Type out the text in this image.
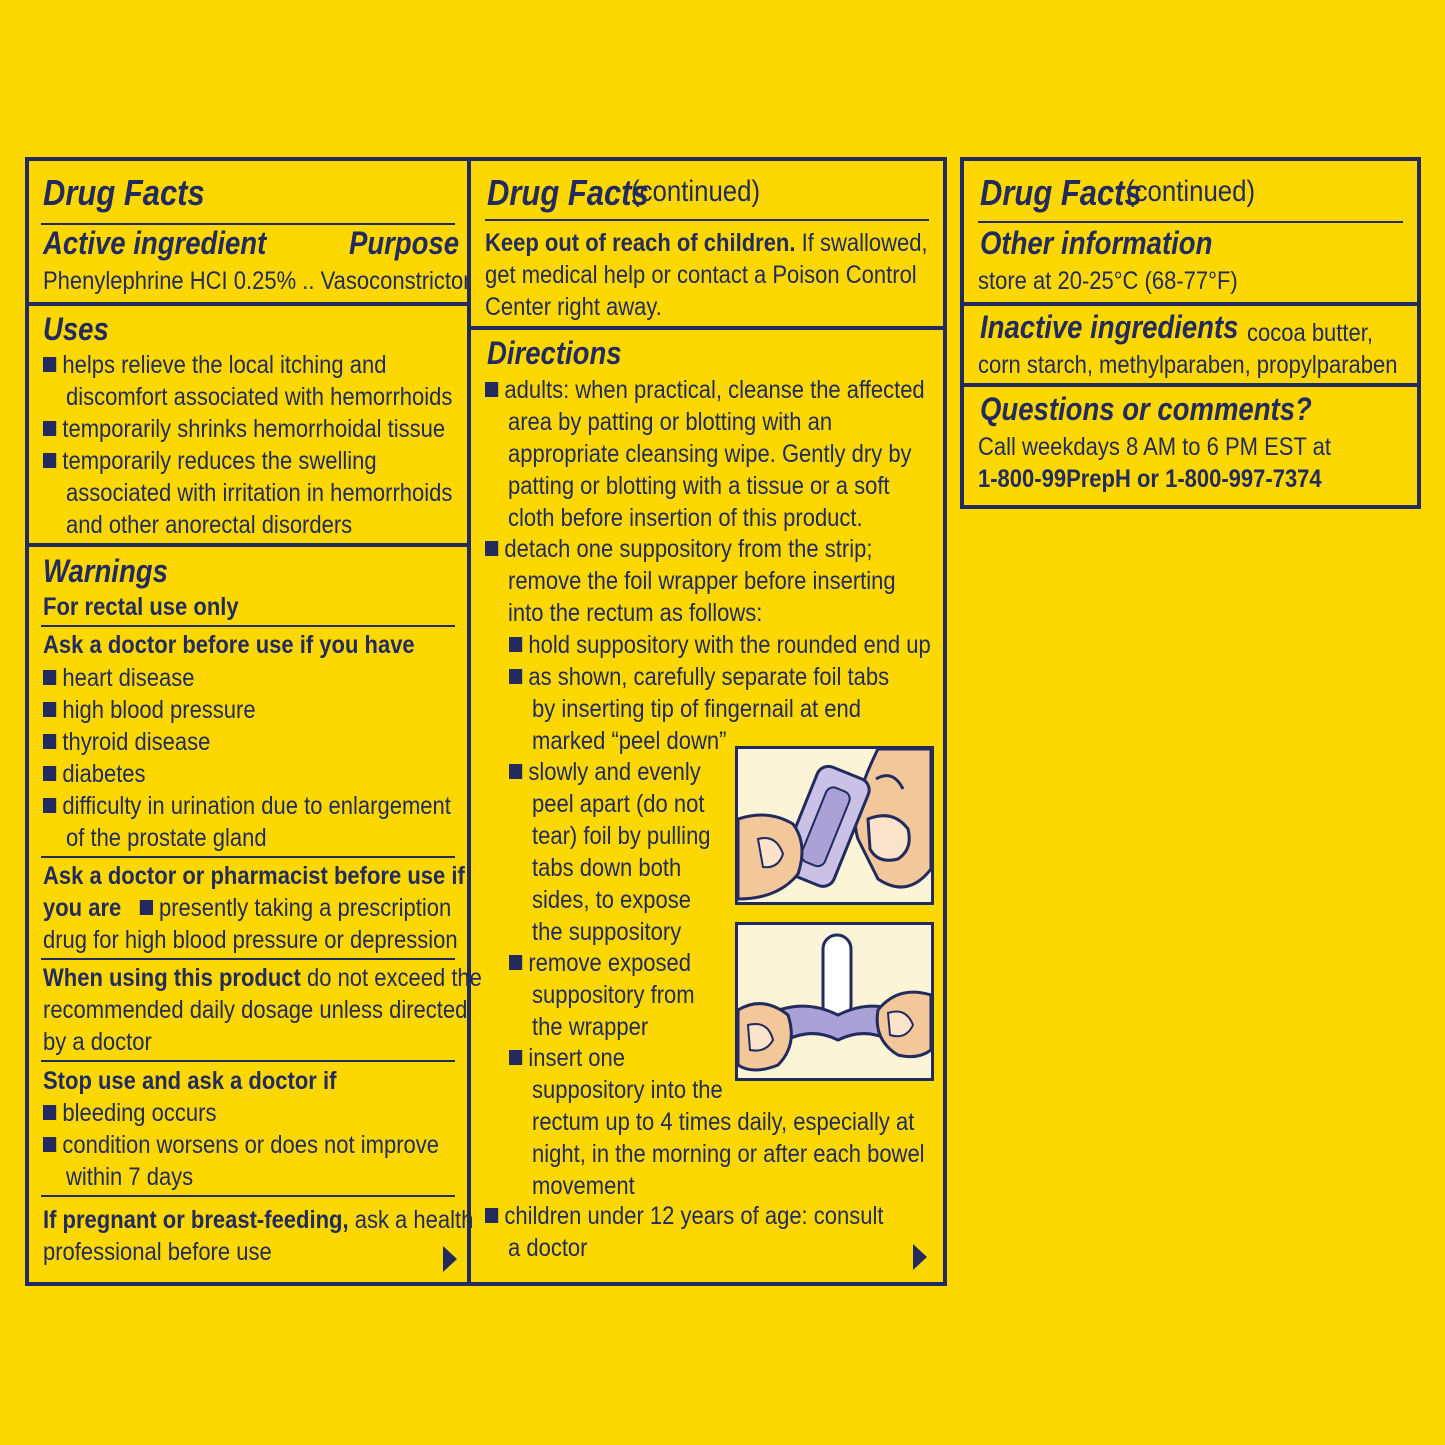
Drug Facts
Active ingredient	Purpose
Phenylephrine HCI 0.25% .. Vasoconstrictor
Uses
helps relieve the local itching and
discomfort associated with hemorrhoids
temporarily shrinks hemorrhoidal tissue
temporarily reduces the swelling
associated with irritation in hemorrhoids
and other anorectal disorders
Warnings
For rectal use only
Ask a doctor before use if you have
heart disease
high blood pressure
thyroid disease
diabetes
difficulty in urination due to enlargement
of the prostate gland
Ask a doctor or pharmacist before use if
you are presently taking a prescription
drug for high blood pressure or depression
When using this product do not exceed the
recommended daily dosage unless directed
by a doctor
Stop use and ask a doctor if
bleeding occurs
condition worsens or does not improve
within 7 days
If pregnant or breast-feeding, ask a health
professional before use
Drug Facts
(continued)
Keep out of reach of children. If swallowed,
get medical help or contact a Poison Control
Center right away.
Directions
adults: when practical, cleanse the affected
area by patting or blotting with an
appropriate cleansing wipe. Gently dry by
patting or blotting with a tissue or a soft
cloth before insertion of this product.
detach one suppository from the strip;
remove the foil wrapper before inserting
into the rectum as follows:
hold suppository with the rounded end up
as shown, carefully separate foil tabs
by inserting tip of fingernail at end
marked “peel down”
slowly and evenly
peel apart (do not
tear) foil by pulling
tabs down both
sides, to expose
the suppository
remove exposed
suppository from
the wrapper
insert one
suppository into the
rectum up to 4 times daily, especially at
night, in the morning or after each bowel
movement
children under 12 years of age: consult
a doctor
Drug Facts
(continued)
Other information
store at 20-25°C (68-77°F)
Inactive ingredients cocoa butter,
corn starch, methylparaben, propylparaben
Questions or comments?
Call weekdays 8 AM to 6 PM EST at
1-800-99PrepH or 1-800-997-7374
